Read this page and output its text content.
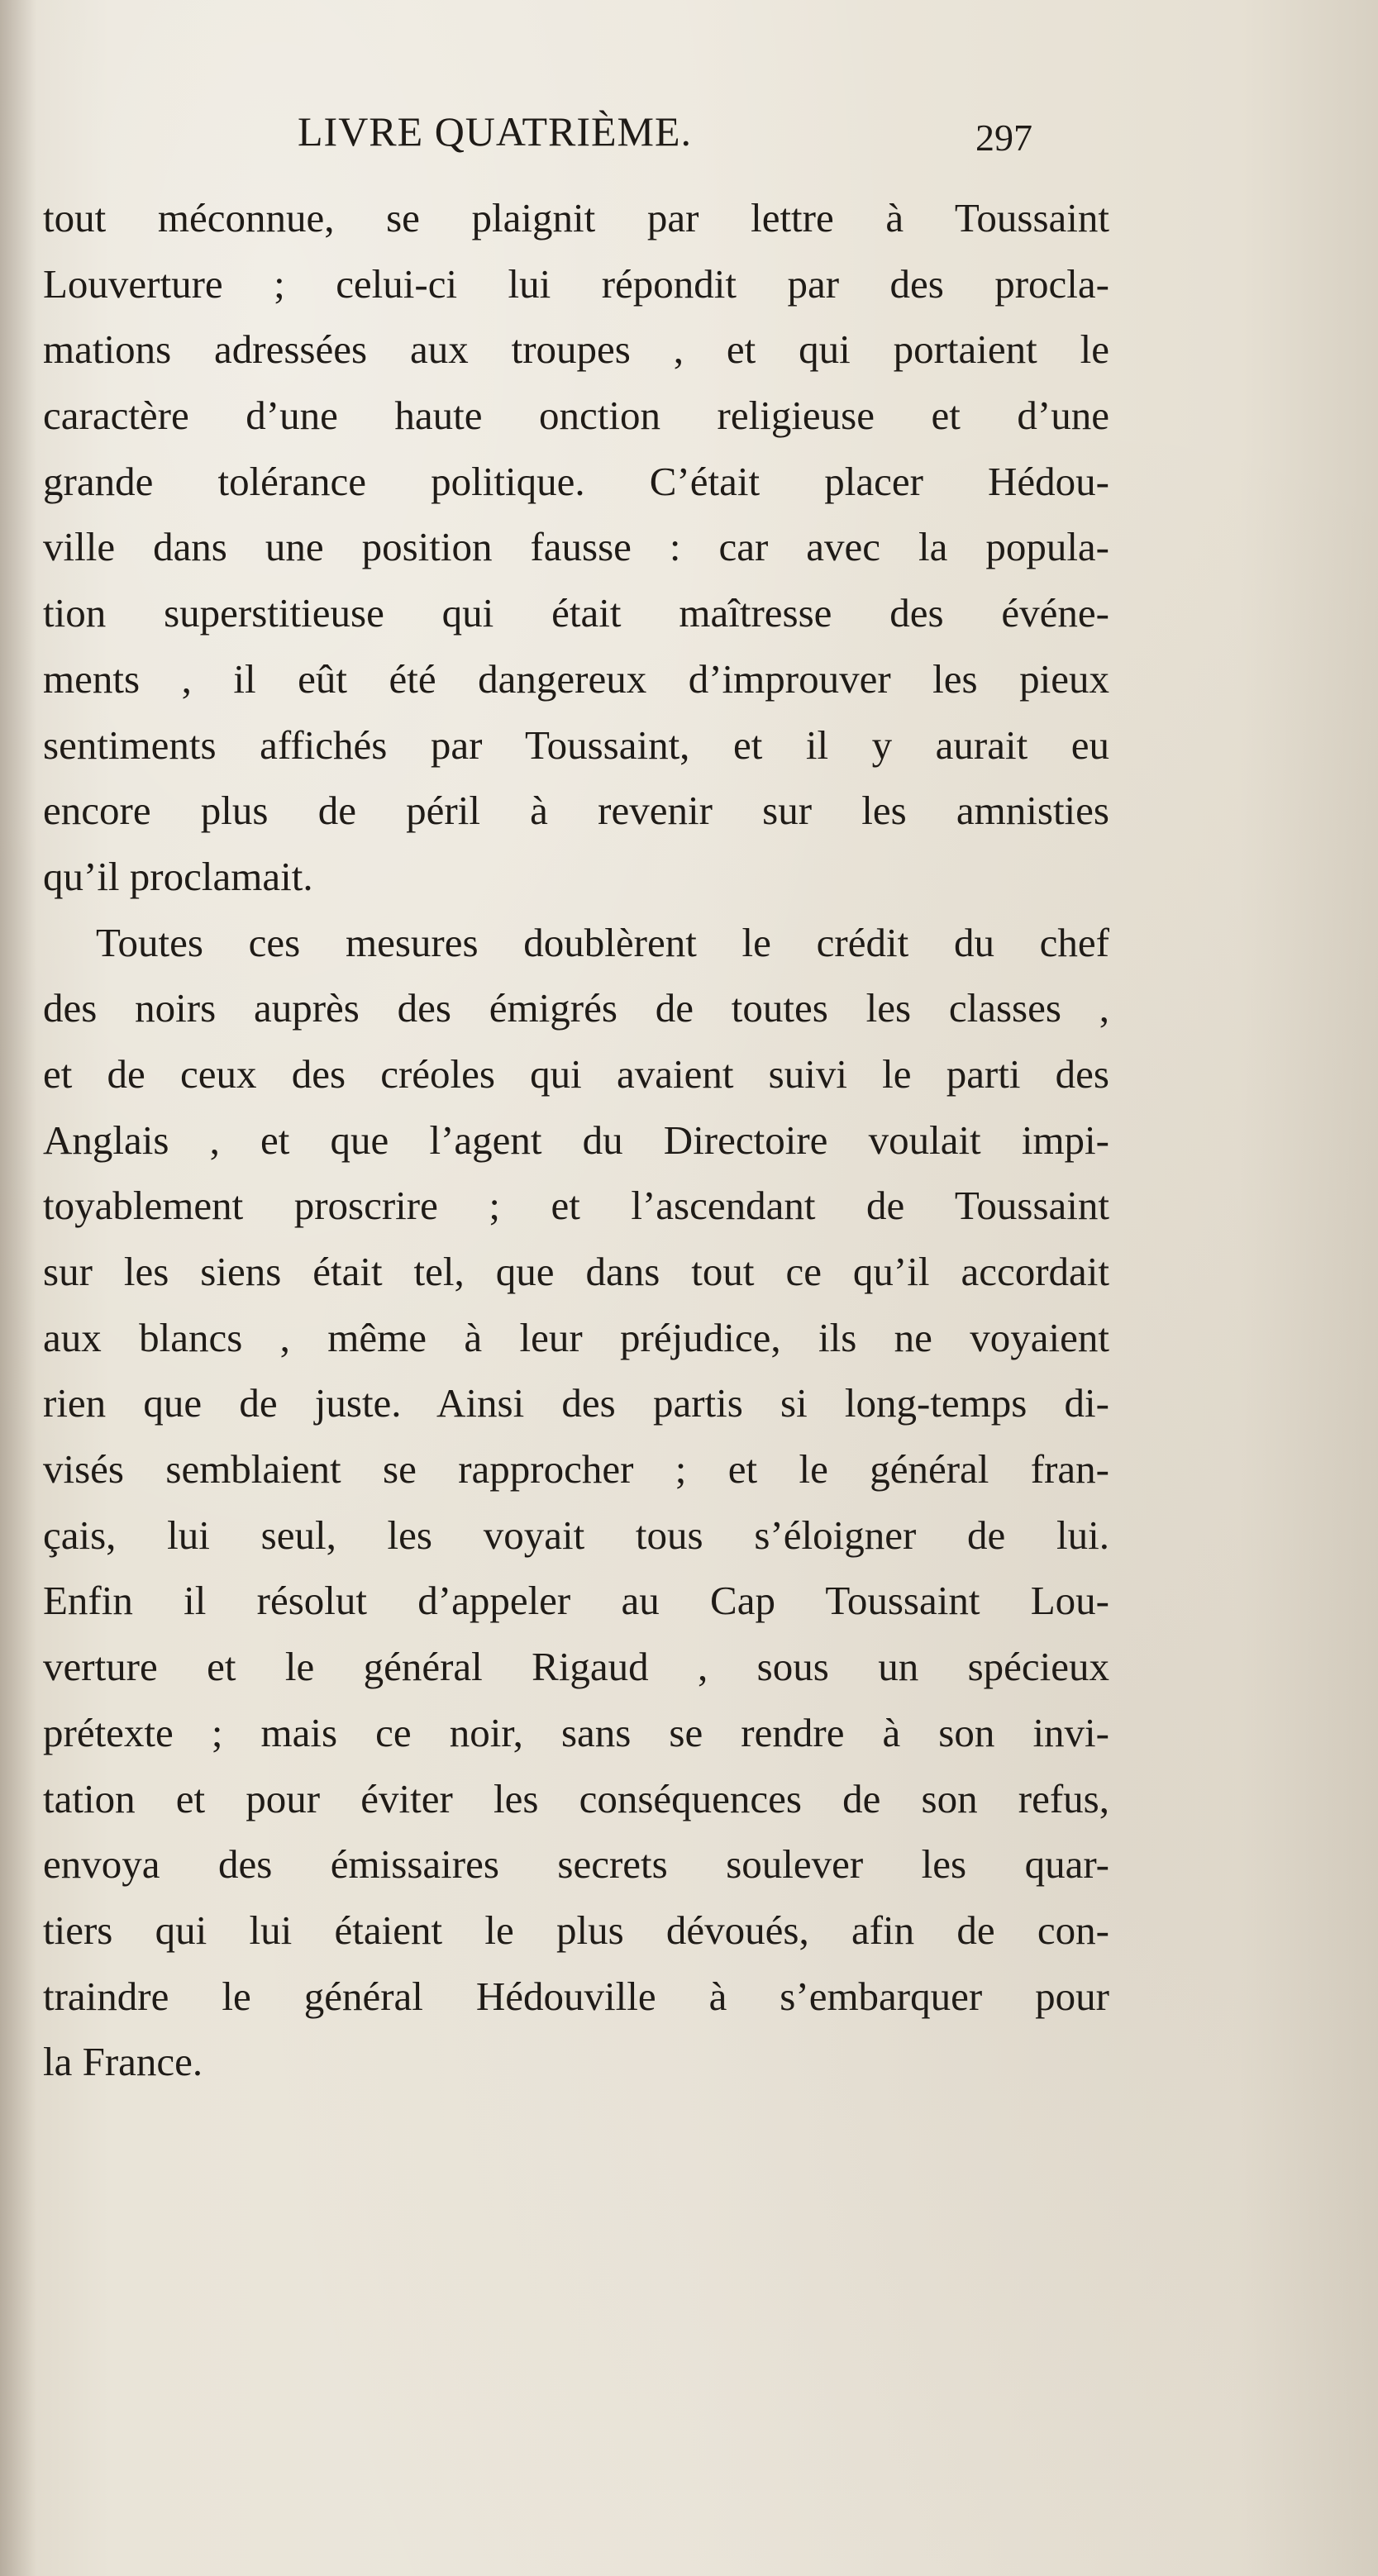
LIVRE QUATRIÈME.	297
tout méconnue, se plaignit par lettre à Toussaint
Louverture ; celui-ci lui répondit par des procla-
mations adressées aux troupes , et qui portaient le
caractère d’une haute onction religieuse et d’une
grande tolérance politique. C’était placer Hédou-
ville dans une position fausse : car avec la popula-
tion superstitieuse qui était maîtresse des événe-
ments , il eût été dangereux d’improuver les pieux
sentiments affichés par Toussaint, et il y aurait eu
encore plus de péril à revenir sur les amnisties
qu’il proclamait.
Toutes ces mesures doublèrent le crédit du chef
des noirs auprès des émigrés de toutes les classes ,
et de ceux des créoles qui avaient suivi le parti des
Anglais , et que l’agent du Directoire voulait impi-
toyablement proscrire ; et l’ascendant de Toussaint
sur les siens était tel, que dans tout ce qu’il accordait
aux blancs , même à leur préjudice, ils ne voyaient
rien que de juste. Ainsi des partis si long-temps di-
visés semblaient se rapprocher ; et le général fran-
çais, lui seul, les voyait tous s’éloigner de lui.
Enfin il résolut d’appeler au Cap Toussaint Lou-
verture et le général Rigaud , sous un spécieux
prétexte ; mais ce noir, sans se rendre à son invi-
tation et pour éviter les conséquences de son refus,
envoya des émissaires secrets soulever les quar-
tiers qui lui étaient le plus dévoués, afin de con-
traindre le général Hédouville à s’embarquer pour
la France.
